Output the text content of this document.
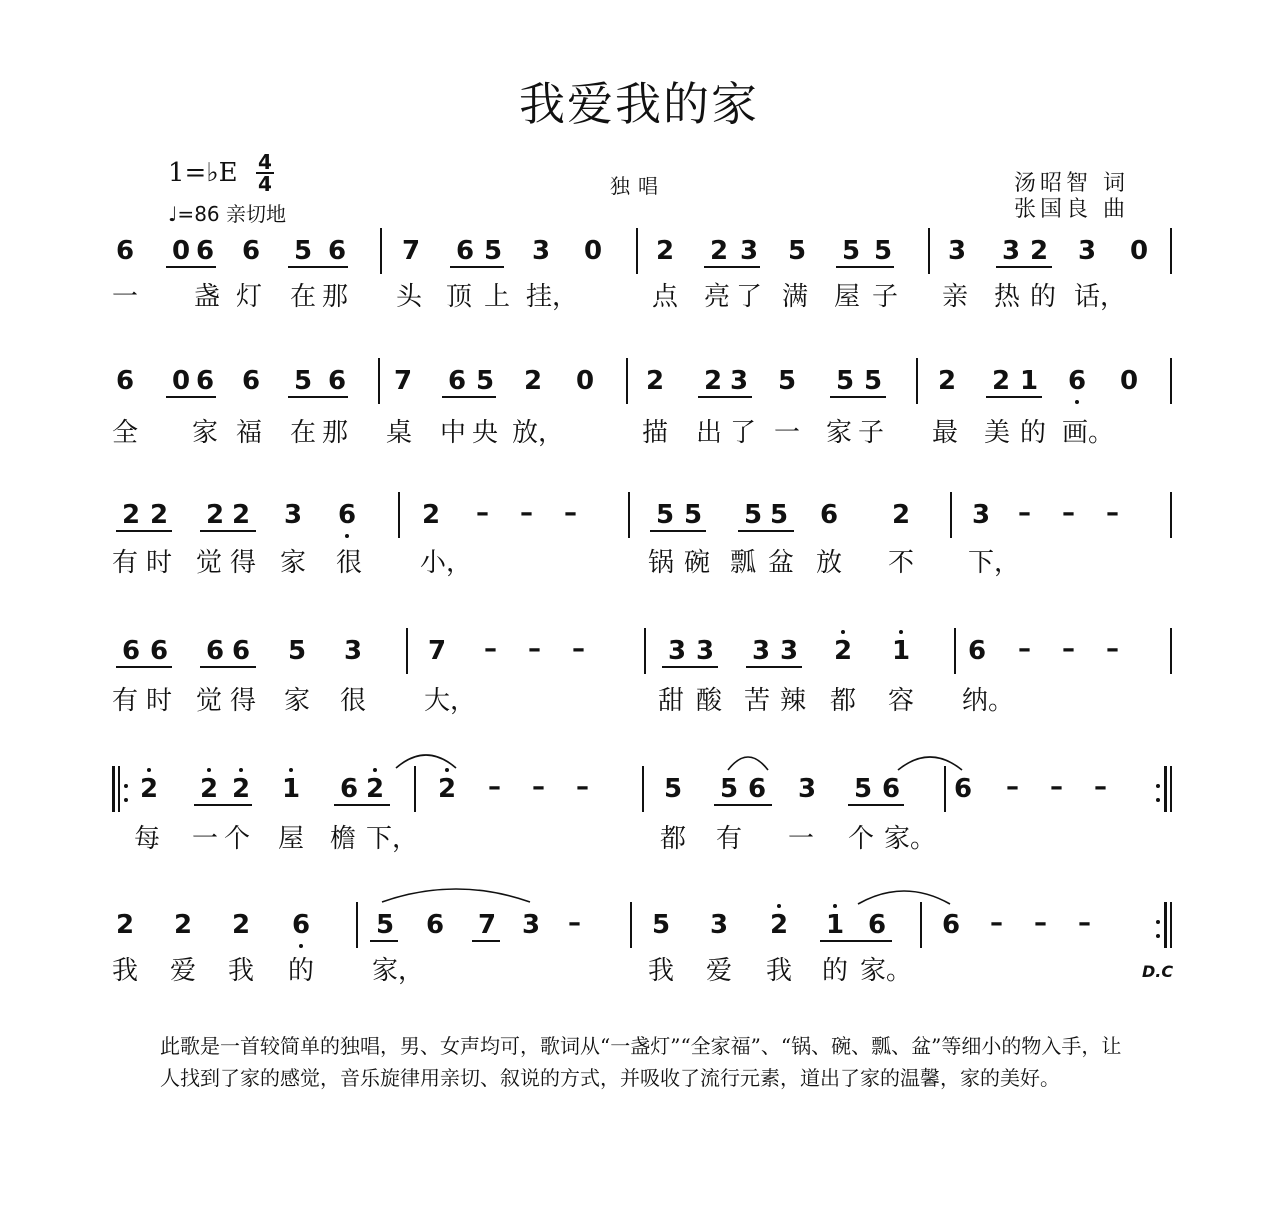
我爱我的家
1=♭E 4
4
♩=86 亲切地
独唱	汤昭智 词
张国良 曲
6 0 6 6 5 6 7 6 5 3 0 2 2 3 5 5 5 3 3 2 3 0
一 盏 灯 在 那 头 顶 上 挂，	点 亮 了 满 屋 子 亲 热 的 话，
6 0 6 6 5 6 7 6 5 2 0 2 2 3 5 5 5 2 2 1 6 0
全 家 福 在 那 桌 中 央 放，	描 出 了 一 家 子 最 美 的 画。
2 2 2 2 3 6	2	5 5 5 5 6 2 3
– – –	– – –
有 时 觉 得 家 很 小，	锅 碗 瓢 盆 放 不 下，
6 6 6 6 5 3	7	3 3 3 3 2 1 6
– – –	– – –
有 时 觉 得 家 很 大，	甜 酸 苦 辣 都 容 纳。
2 2 2 1 6 2 2	5 5 6 3 5 6 6
– – –	– – –
每 一 个 屋 檐 下，	都 有 一 个 家。
2 2 2 6	5 6 7 3	5 3 2 1 6 6
–	– – –
我 爱 我 的 家，	我 爱 我 的 家。	D.C
此歌是一首较简单的独唱，男、女声均可，歌词从“一盏灯”“全家福”、“锅、碗、瓢、盆”等细小的物入手，让人找到了家的感觉，音乐旋律用亲切、叙说的方式，并吸收了流行元素，道出了家的温馨，家的美好。
